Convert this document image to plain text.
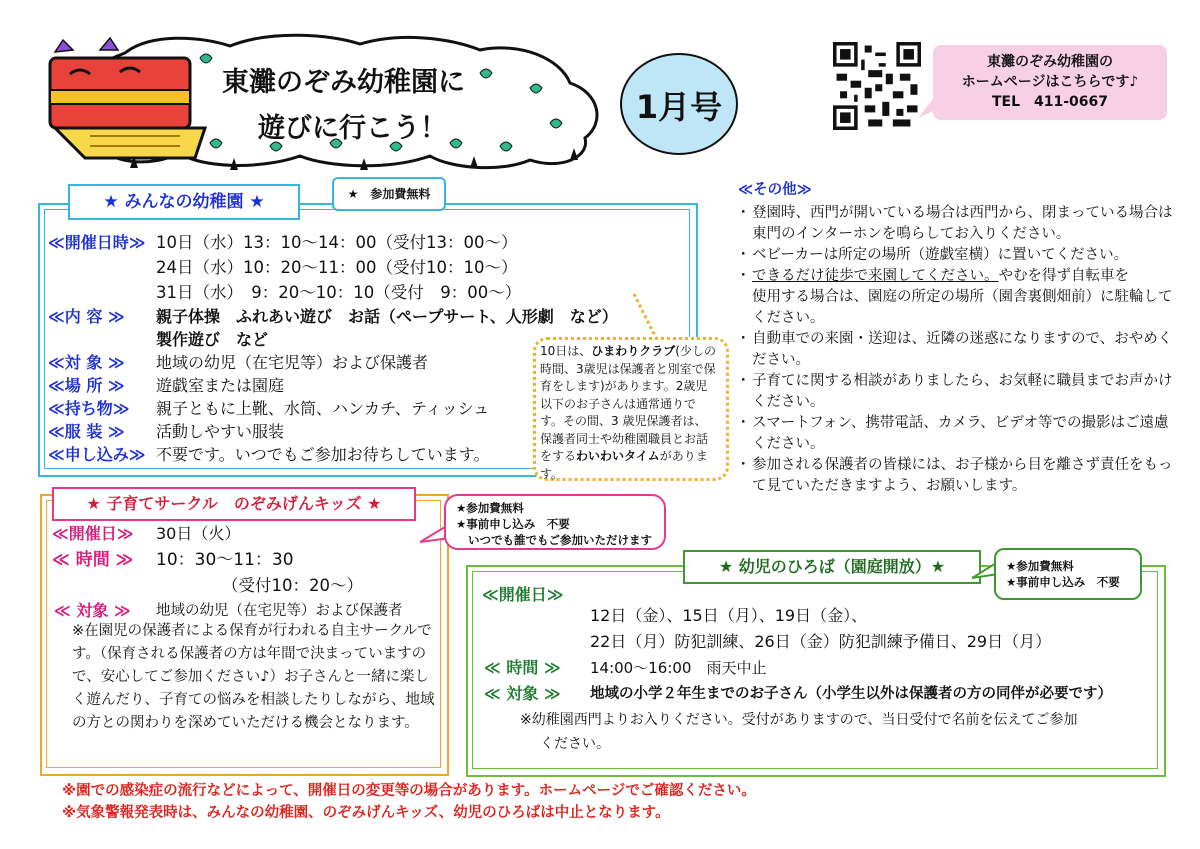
東灘のぞみ幼稚園に
遊びに行こう！
1月号
東灘のぞみ幼稚園の
ホームページはこちらです♪
TEL　411-0667
★ みんなの幼稚園 ★	★　参加費無料
≪開催日時≫ 10日（水）13：10～14：00（受付13：00～）
24日（水）10：20～11：00（受付10：10～）
31日（水）　9：20～10：10（受付　9：00～）
≪内 容 ≫ 親子体操　ふれあい遊び　お話（ペープサート、人形劇　など）
製作遊び　など
≪対 象 ≫ 地域の幼児（在宅児等）および保護者
≪場 所 ≫ 遊戯室または園庭
≪持ち物≫ 親子ともに上靴、水筒、ハンカチ、ティッシュ
≪服 装 ≫ 活動しやすい服装
≪申し込み≫ 不要です。いつでもご参加お待ちしています。
10日は、ひまわりクラブ(少しの時間、3歳児は保護者と別室で保育をします)があります。2歳児以下のお子さんは通常通りです。その間、3 歳児保護者は、保護者同士や幼稚園職員とお話をするわいわいタイムがあります。
≪その他≫
・ 登園時、西門が開いている場合は西門から、閉まっている場合は東門のインターホンを鳴らしてお入りください。
・ ベビーカーは所定の場所（遊戯室横）に置いてください。
・ できるだけ徒歩で来園してください。やむを得ず自転車を
使用する場合は、園庭の所定の場所（園舎裏側畑前）に駐輪してください。
・ 自動車での来園・送迎は、近隣の迷惑になりますので、おやめください。
・ 子育てに関する相談がありましたら、お気軽に職員までお声かけください。
・ スマートフォン、携帯電話、カメラ、ビデオ等での撮影はご遠慮ください。
・ 参加される保護者の皆様には、お子様から目を離さず責任をもって見ていただきますよう、お願いします。
★ 子育てサークル　のぞみげんキッズ ★	★参加費無料
★事前申し込み　不要
いつでも誰でもご参加いただけます
≪開催日≫ 30日（火）
≪ 時間 ≫ 10：30～11：30
（受付10：20～）
≪ 対象 ≫ 地域の幼児（在宅児等）および保護者
※在園児の保護者による保育が行われる自主サークルです。（保育される保護者の方は年間で決まっていますので、安心してご参加ください♪）お子さんと一緒に楽しく遊んだり、子育ての悩みを相談したりしながら、地域の方との関わりを深めていただける機会となります。
★ 幼児のひろば（園庭開放）★	★参加費無料
★事前申し込み　不要
≪開催日≫
12日（金）、15日（月）、19日（金）、
22日（月）防犯訓練、26日（金）防犯訓練予備日、29日（月）
≪ 時間 ≫ 14:00～16:00　雨天中止
≪ 対象 ≫ 地域の小学２年生までのお子さん（小学生以外は保護者の方の同伴が必要です）
※幼稚園西門よりお入りください。受付がありますので、当日受付で名前を伝えてご参加
ください。
※園での感染症の流行などによって、開催日の変更等の場合があります。ホームページでご確認ください。
※気象警報発表時は、みんなの幼稚園、のぞみげんキッズ、幼児のひろばは中止となります。
